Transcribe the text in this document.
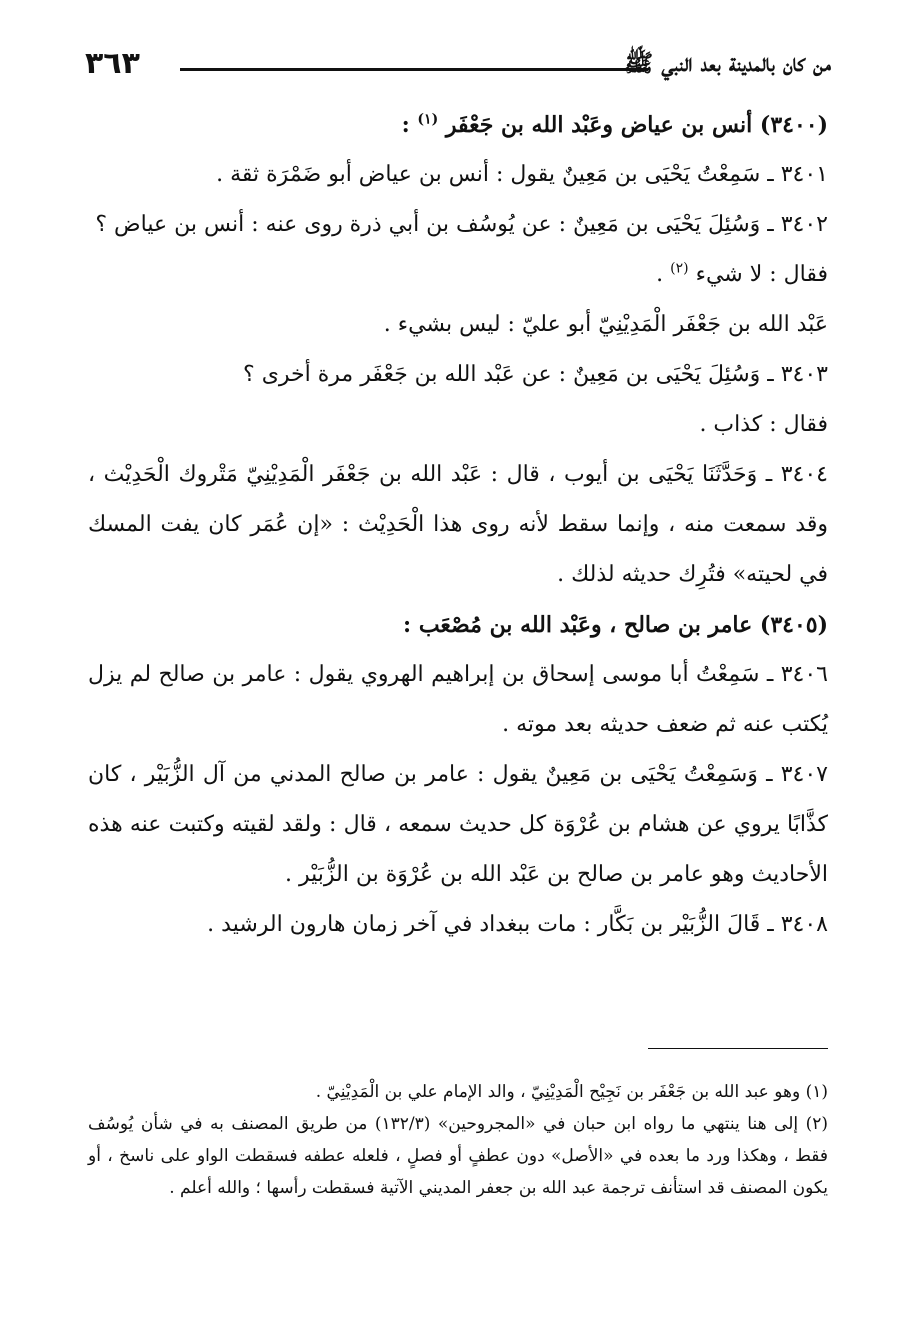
٣٦٣	من كان بالمدينة بعد النبي ﷺ

(٣٤٠٠) أنس بن عياض وعَبْد الله بن جَعْفَر $^{(١)}$ :

٣٤٠١ ـ سَمِعْتُ يَحْيَى بن مَعِينٌ يقول : أنس بن عياض أبو ضَمْرَة ثقة .

٣٤٠٢ ـ وَسُئِلَ يَحْيَى بن مَعِينٌ : عن يُوسُف بن أبي ذرة روى عنه : أنس بن عياض ؟

فقال : لا شيء $^{(٢)}$ .

عَبْد الله بن جَعْفَر الْمَدِيْنِيّ أبو عليّ : ليس بشيء .

٣٤٠٣ ـ وَسُئِلَ يَحْيَى بن مَعِينٌ : عن عَبْد الله بن جَعْفَر مرة أخرى ؟

فقال : كذاب .

٣٤٠٤ ـ وَحَدَّثَنَا يَحْيَى بن أيوب ، قال : عَبْد الله بن جَعْفَر الْمَدِيْنِيّ مَتْروك الْحَدِيْث ، وقد سمعت منه ، وإنما سقط لأنه روى هذا الْحَدِيْث : «إن عُمَر كان يفت المسك في لحيته» فتُرِك حديثه لذلك .

(٣٤٠٥) عامر بن صالح ، وعَبْد الله بن مُصْعَب :

٣٤٠٦ ـ سَمِعْتُ أبا موسى إسحاق بن إبراهيم الهروي يقول : عامر بن صالح لم يزل يُكتب عنه ثم ضعف حديثه بعد موته .

٣٤٠٧ ـ وَسَمِعْتُ يَحْيَى بن مَعِينٌ يقول : عامر بن صالح المدني من آل الزُّبَيْر ، كان كذَّابًا يروي عن هشام بن عُرْوَة كل حديث سمعه ، قال : ولقد لقيته وكتبت عنه هذه الأحاديث وهو عامر بن صالح بن عَبْد الله بن عُرْوَة بن الزُّبَيْر .

٣٤٠٨ ـ قَالَ الزُّبَيْر بن بَكَّار : مات ببغداد في آخر زمان هارون الرشيد .

(١) وهو عبد الله بن جَعْفَر بن نَجِيْح الْمَدِيْنِيّ ، والد الإمام علي بن الْمَدِيْنِيّ .

(٢) إلى هنا ينتهي ما رواه ابن حبان في «المجروحين» (١٣٢/٣) من طريق المصنف به في شأن يُوسُف فقط ، وهكذا ورد ما بعده في «الأصل» دون عطفٍ أو فصلٍ ، فلعله عطفه فسقطت الواو على ناسخ ، أو يكون المصنف قد استأنف ترجمة عبد الله بن جعفر المديني الآتية فسقطت رأسها ؛ والله أعلم .
